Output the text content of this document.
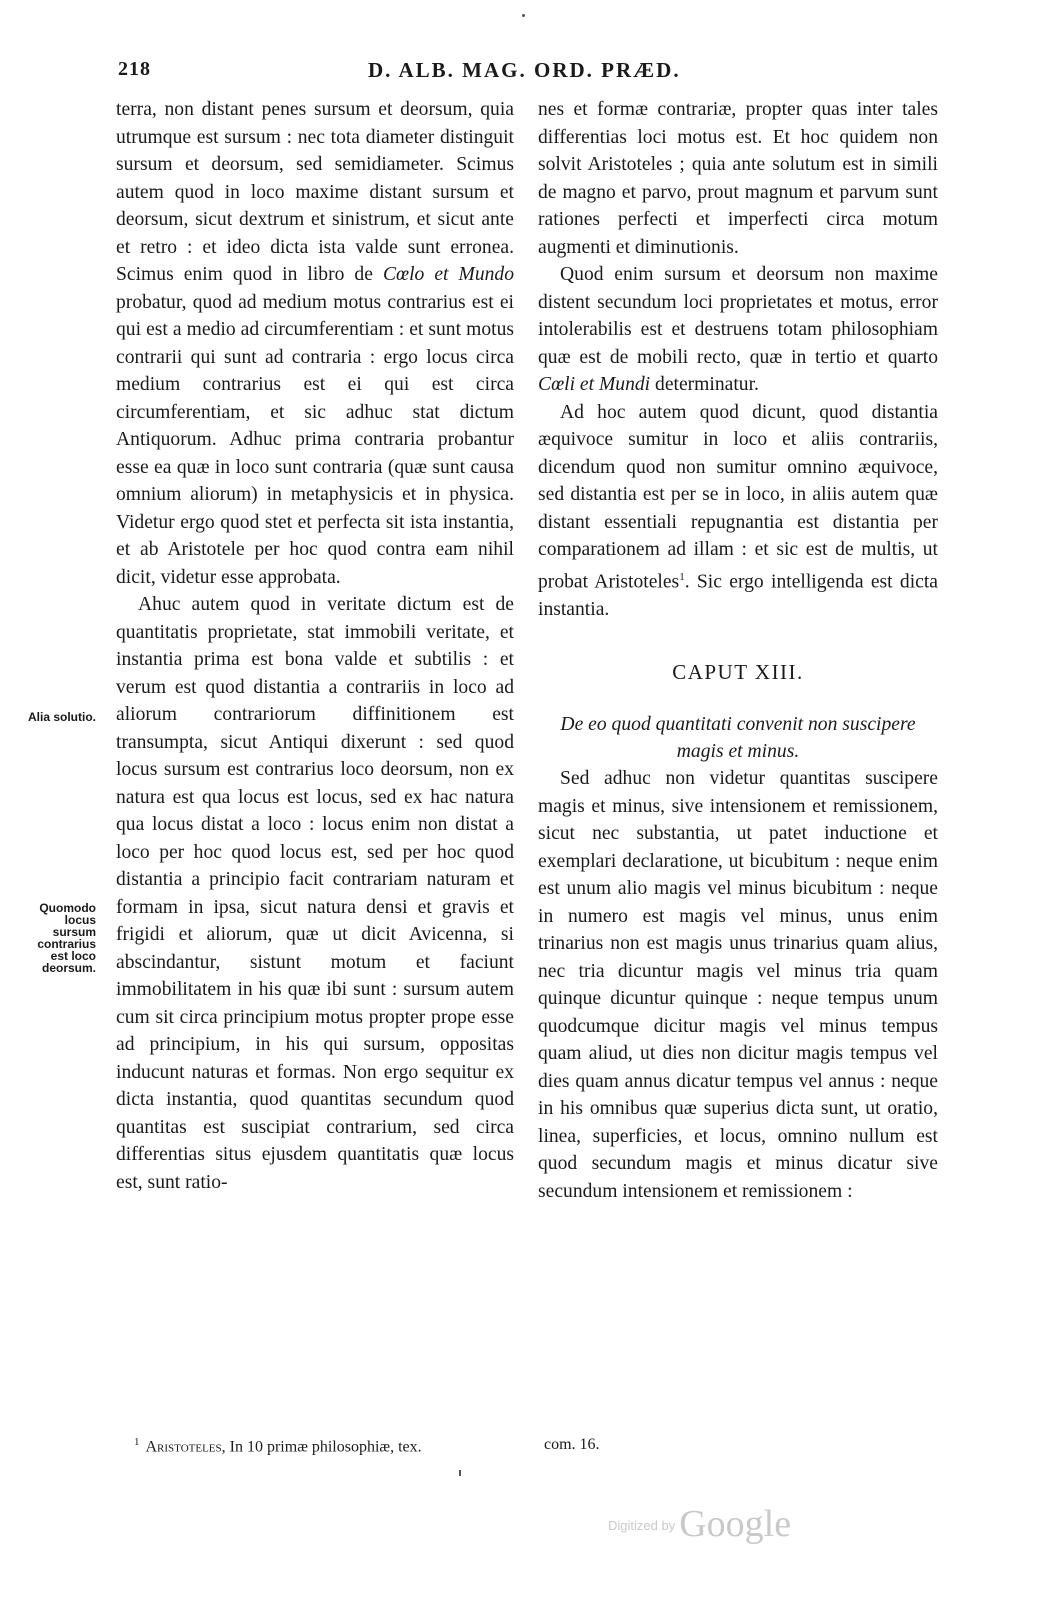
218	D. ALB. MAG. ORD. PRÆD.
Alia solutio.
Quomodo locus sursum contrarius est loco deorsum.

terra, non distant penes sursum et deorsum, quia utrumque est sursum : nec tota diameter distinguit sursum et deorsum, sed semidiameter. Scimus autem quod in loco maxime distant sursum et deorsum, sicut dextrum et sinistrum, et sicut ante et retro : et ideo dicta ista valde sunt erronea. Scimus enim quod in libro de Cœlo et Mundo probatur, quod ad medium motus contrarius est ei qui est a medio ad circumferentiam : et sunt motus contrarii qui sunt ad contraria : ergo locus circa medium contrarius est ei qui est circa circumferentiam, et sic adhuc stat dictum Antiquorum. Adhuc prima contraria probantur esse ea quæ in loco sunt contraria (quæ sunt causa omnium aliorum) in metaphysicis et in physica. Videtur ergo quod stet et perfecta sit ista instantia, et ab Aristotele per hoc quod contra eam nihil dicit, videtur esse approbata.

Ahuc autem quod in veritate dictum est de quantitatis proprietate, stat immobili veritate, et instantia prima est bona valde et subtilis : et verum est quod distantia a contrariis in loco ad aliorum contrariorum diffinitionem est transumpta, sicut Antiqui dixerunt : sed quod locus sursum est contrarius loco deorsum, non ex natura est qua locus est locus, sed ex hac natura qua locus distat a loco : locus enim non distat a loco per hoc quod locus est, sed per hoc quod distantia a principio facit contrariam naturam et formam in ipsa, sicut natura densi et gravis et frigidi et aliorum, quæ ut dicit Avicenna, si abscindantur, sistunt motum et faciunt immobilitatem in his quæ ibi sunt : sursum autem cum sit circa principium motus propter prope esse ad principium, in his qui sursum, oppositas inducunt naturas et formas. Non ergo sequitur ex dicta instantia, quod quantitas secundum quod quantitas est suscipiat contrarium, sed circa differentias situs ejusdem quantitatis quæ locus est, sunt ratio-

nes et formæ contrariæ, propter quas inter tales differentias loci motus est. Et hoc quidem non solvit Aristoteles ; quia ante solutum est in simili de magno et parvo, prout magnum et parvum sunt rationes perfecti et imperfecti circa motum augmenti et diminutionis.

Quod enim sursum et deorsum non maxime distent secundum loci proprietates et motus, error intolerabilis est et destruens totam philosophiam quæ est de mobili recto, quæ in tertio et quarto Cœli et Mundi determinatur.

Ad hoc autem quod dicunt, quod distantia æquivoce sumitur in loco et aliis contrariis, dicendum quod non sumitur omnino æquivoce, sed distantia est per se in loco, in aliis autem quæ distant essentiali repugnantia est distantia per comparationem ad illam : et sic est de multis, ut probat Aristoteles$^1$. Sic ergo intelligenda est dicta instantia.

CAPUT XIII.
De eo quod quantitati convenit non suscipere magis et minus.

Sed adhuc non videtur quantitas suscipere magis et minus, sive intensionem et remissionem, sicut nec substantia, ut patet inductione et exemplari declaratione, ut bicubitum : neque enim est unum alio magis vel minus bicubitum : neque in numero est magis vel minus, unus enim trinarius non est magis unus trinarius quam alius, nec tria dicuntur magis vel minus tria quam quinque dicuntur quinque : neque tempus unum quodcumque dicitur magis vel minus tempus quam aliud, ut dies non dicitur magis tempus vel dies quam annus dicatur tempus vel annus : neque in his omnibus quæ superius dicta sunt, ut oratio, linea, superficies, et locus, omnino nullum est quod secundum magis et minus dicatur sive secundum intensionem et remissionem :

$^1$ Aristoteles, In 10 primæ philosophiæ, tex.	com. 16.
$^{Digitized by}$ Google
